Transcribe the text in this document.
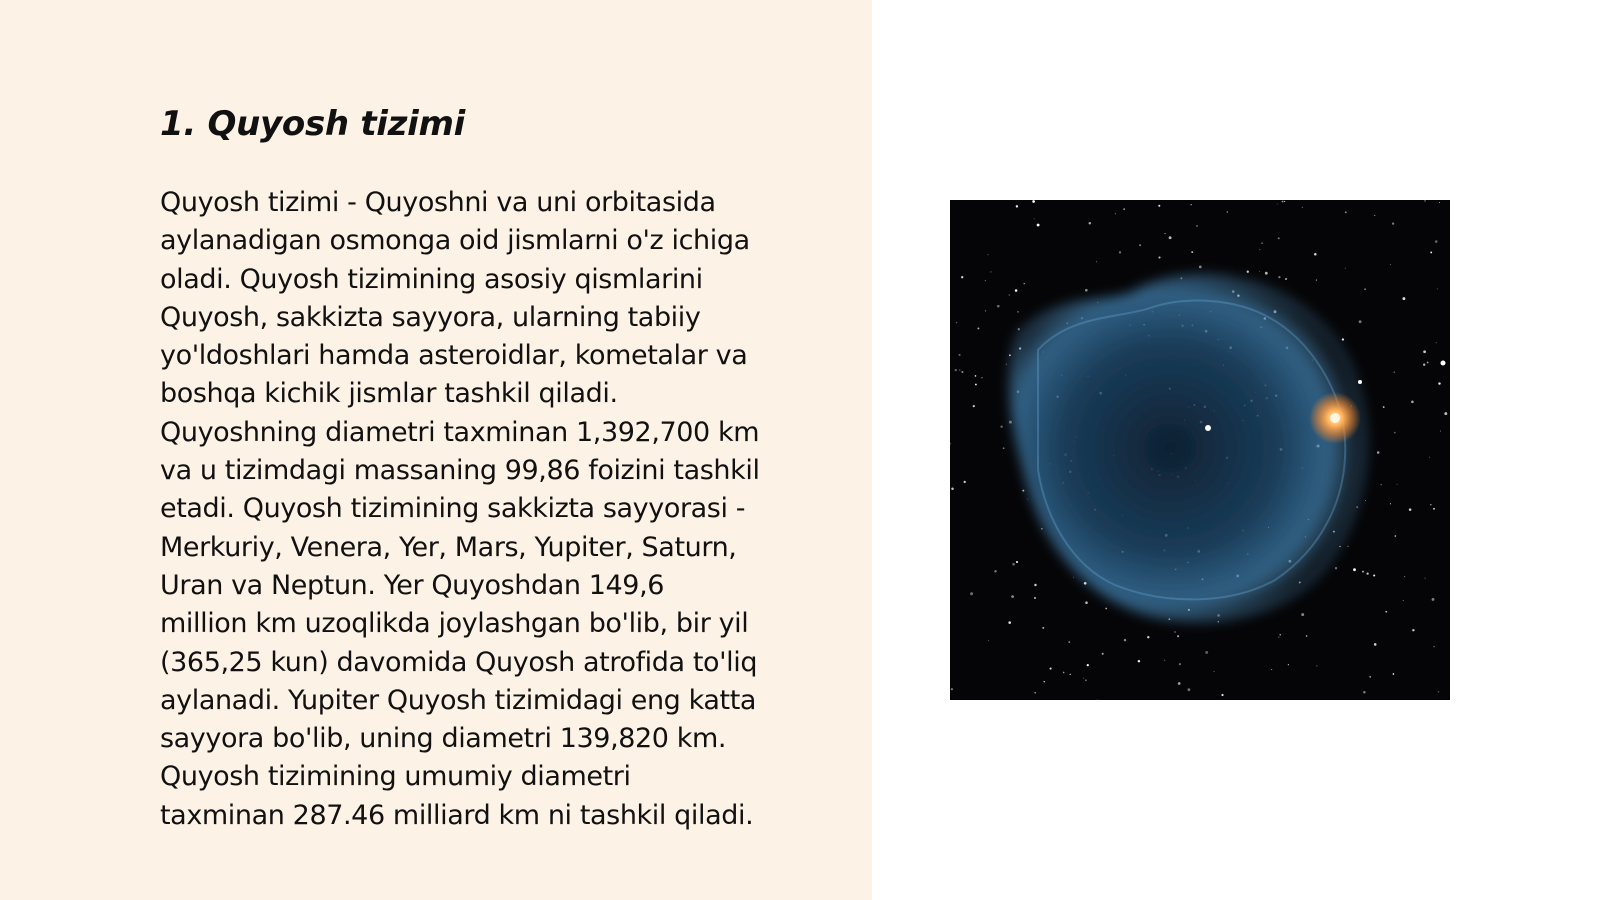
1. Quyosh tizimi
Quyosh tizimi - Quyoshni va uni orbitasida
aylanadigan osmonga oid jismlarni o'z ichiga
oladi. Quyosh tizimining asosiy qismlarini
Quyosh, sakkizta sayyora, ularning tabiiy
yo'ldoshlari hamda asteroidlar, kometalar va
boshqa kichik jismlar tashkil qiladi.
Quyoshning diametri taxminan 1,392,700 km
va u tizimdagi massaning 99,86 foizini tashkil
etadi. Quyosh tizimining sakkizta sayyorasi -
Merkuriy, Venera, Yer, Mars, Yupiter, Saturn,
Uran va Neptun. Yer Quyoshdan 149,6
million km uzoqlikda joylashgan bo'lib, bir yil
(365,25 kun) davomida Quyosh atrofida to'liq
aylanadi. Yupiter Quyosh tizimidagi eng katta
sayyora bo'lib, uning diametri 139,820 km.
Quyosh tizimining umumiy diametri
taxminan 287.46 milliard km ni tashkil qiladi.
